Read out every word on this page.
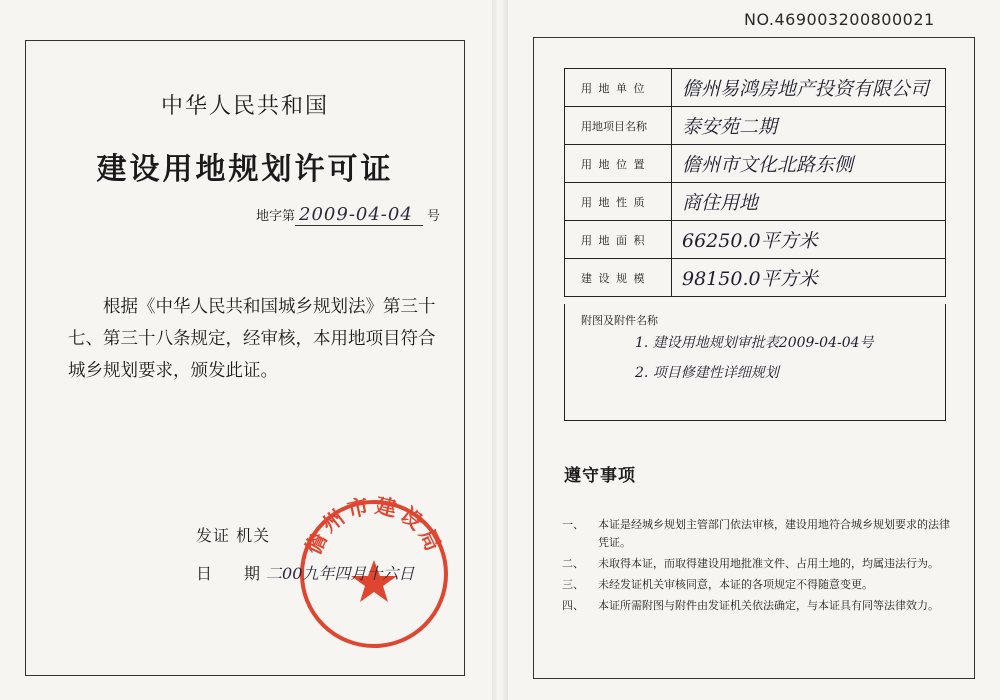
中华人民共和国
建设用地规划许可证
地字第 2009-04-04 号
根据《中华人民共和国城乡规划法》第三十七、第三十八条规定，经审核，本用地项目符合城乡规划要求，颁发此证。
儋州市建设局
发证 机关
日　　期 二00九年四月十六日
NO.469003200800021
用 地 单 位	儋州易鸿房地产投资有限公司
用地项目名称	泰安苑二期
用 地 位 置	儋州市文化北路东侧
用 地 性 质	商住用地
用 地 面 积	66250.0平方米
建 设 规 模	98150.0平方米
附图及附件名称
1. 建设用地规划审批表2009-04-04号
2. 项目修建性详细规划
遵守事项
一、	本证是经城乡规划主管部门依法审核，建设用地符合城乡规划要求的法律凭证。
二、	未取得本证，而取得建设用地批准文件、占用土地的，均属违法行为。
三、	未经发证机关审核同意，本证的各项规定不得随意变更。
四、	本证所需附图与附件由发证机关依法确定，与本证具有同等法律效力。
